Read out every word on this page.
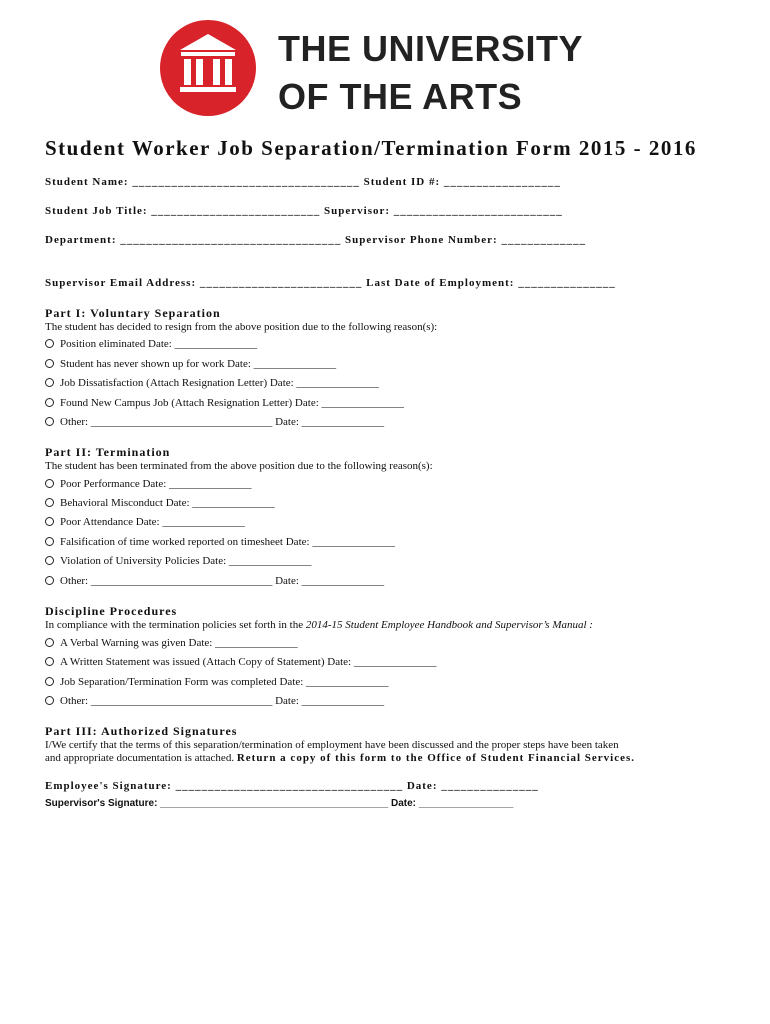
THE UNIVERSITY
OF THE ARTS
Student Worker Job Separation/Termination Form 2015 - 2016
Student Name: ___________________________________ Student ID #: __________________
Student Job Title: __________________________ Supervisor: __________________________
Department: __________________________________ Supervisor Phone Number: _____________
Supervisor Email Address: _________________________ Last Date of Employment: _______________
Part I: Voluntary Separation
The student has decided to resign from the above position due to the following reason(s):
Position eliminated Date: _______________
Student has never shown up for work Date: _______________
Job Dissatisfaction (Attach Resignation Letter) Date: _______________
Found New Campus Job (Attach Resignation Letter) Date: _______________
Other: _________________________________ Date: _______________
Part II: Termination
The student has been terminated from the above position due to the following reason(s):
Poor Performance Date: _______________
Behavioral Misconduct Date: _______________
Poor Attendance Date: _______________
Falsification of time worked reported on timesheet Date: _______________
Violation of University Policies Date: _______________
Other: _________________________________ Date: _______________
Discipline Procedures
In compliance with the termination policies set forth in the 2014-15 Student Employee Handbook and Supervisor’s Manual :
A Verbal Warning was given Date: _______________
A Written Statement was issued (Attach Copy of Statement) Date: _______________
Job Separation/Termination Form was completed Date: _______________
Other: _________________________________ Date: _______________
Part III: Authorized Signatures
I/We certify that the terms of this separation/termination of employment have been discussed and the proper steps have been taken
and appropriate documentation is attached. Return a copy of this form to the Office of Student Financial Services.
Employee's Signature: ___________________________________ Date: _______________
Supervisor's Signature: _________________________________________ Date: _________________
